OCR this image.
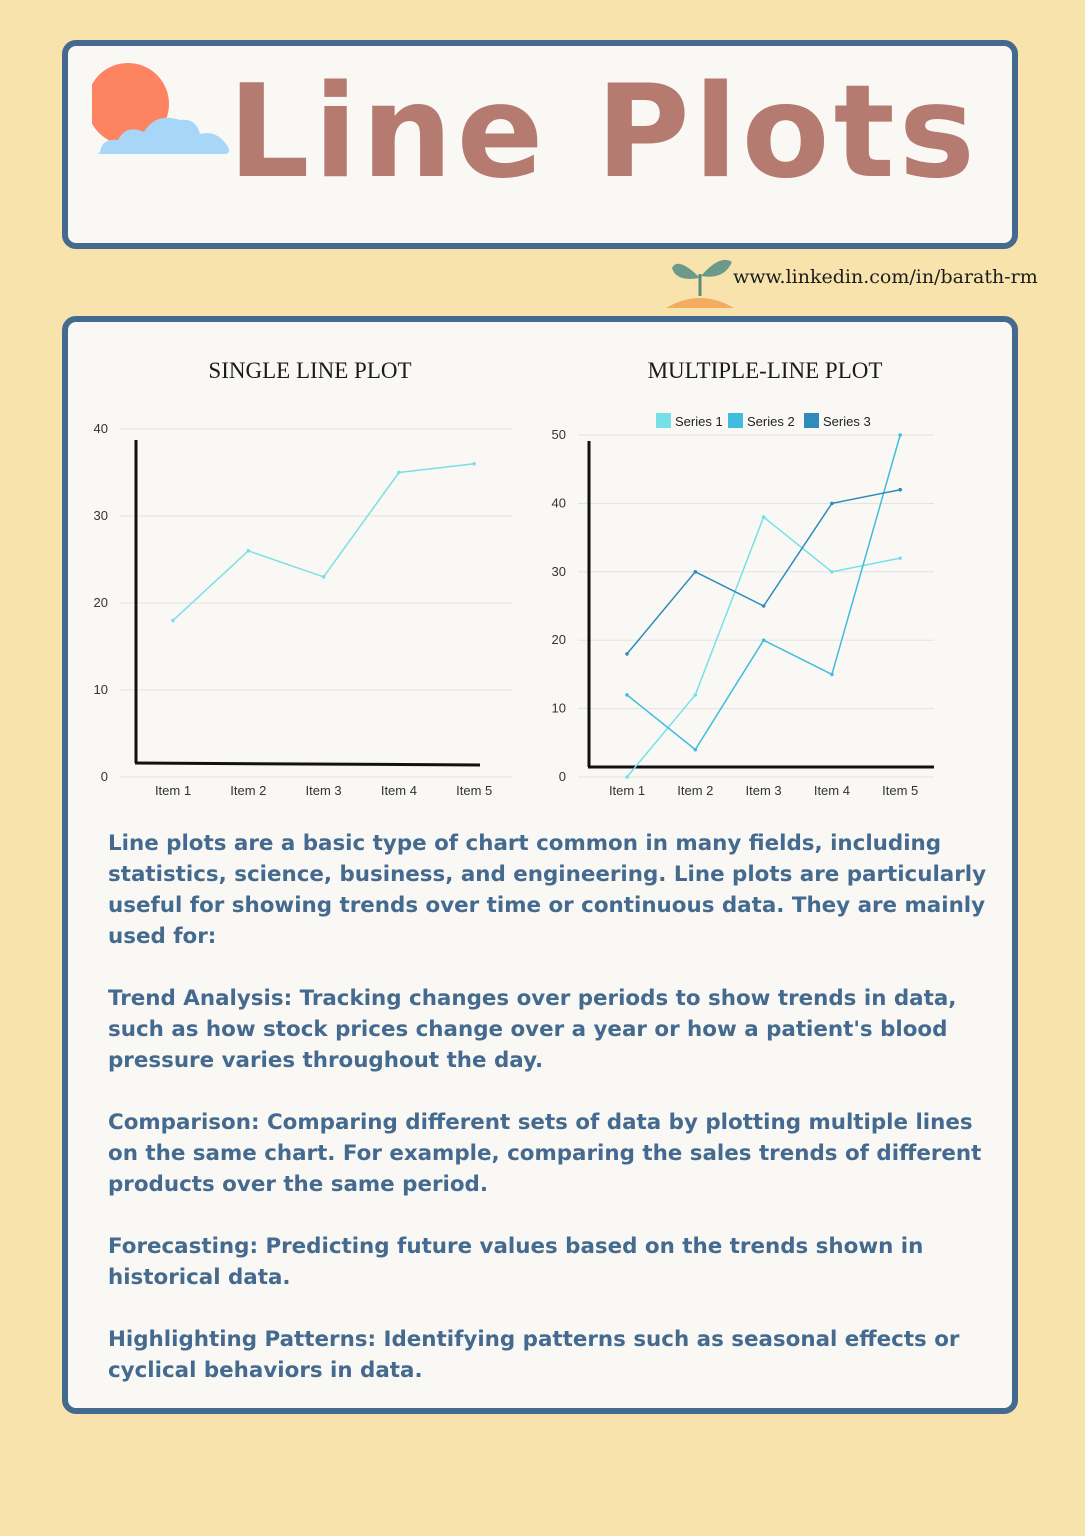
Line Plots
www.linkedin.com/in/barath-rm
SINGLE LINE PLOT	MULTIPLE-LINE PLOT
0
10
20
30
40
Item 1	Item 2	Item 3	Item 4	Item 5
0
10
20
30
40
50
Item 1 Item 2 Item 3 Item 4 Item 5
Series 1 Series 2 Series 3

Line plots are a basic type of chart common in many fields, including statistics, science, business, and engineering. Line plots are particularly useful for showing trends over time or continuous data. They are mainly used for:

Trend Analysis: Tracking changes over periods to show trends in data, such as how stock prices change over a year or how a patient's blood pressure varies throughout the day.

Comparison: Comparing different sets of data by plotting multiple lines on the same chart. For example, comparing the sales trends of different products over the same period.

Forecasting: Predicting future values based on the trends shown in historical data.

Highlighting Patterns: Identifying patterns such as seasonal effects or cyclical behaviors in data.
